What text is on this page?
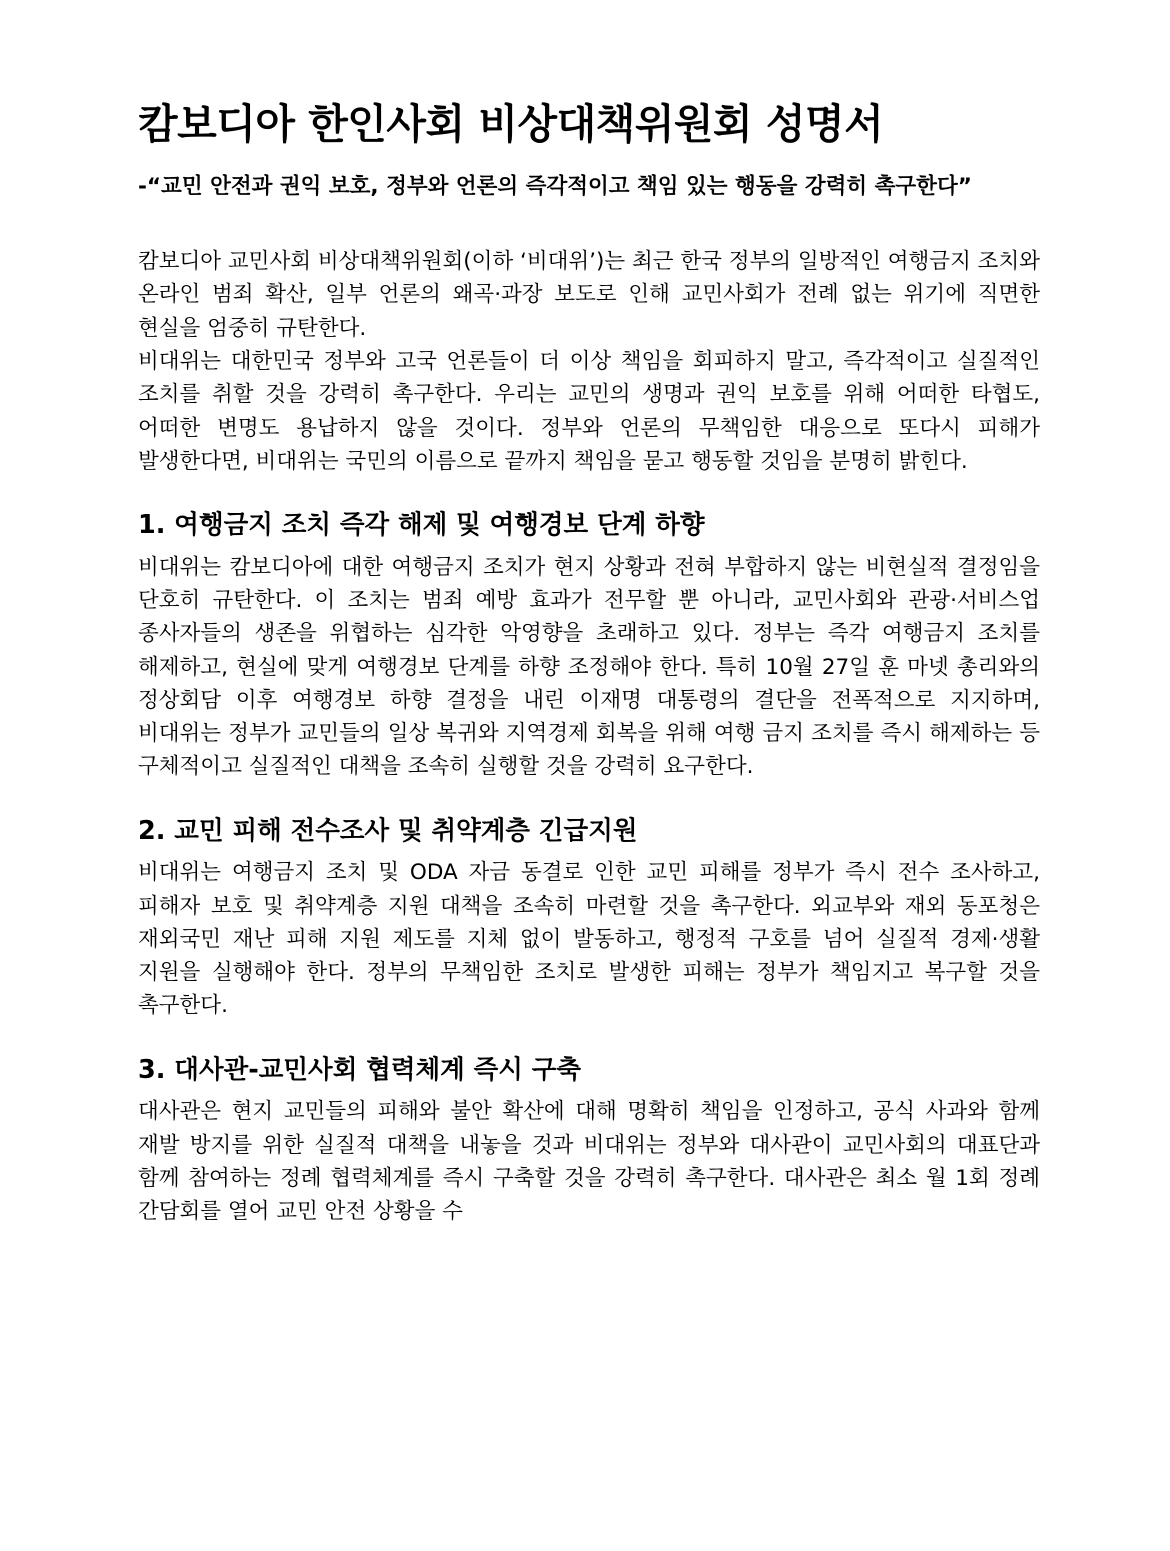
캄보디아 한인사회 비상대책위원회 성명서
-“교민 안전과 권익 보호, 정부와 언론의 즉각적이고 책임 있는 행동을 강력히 촉구한다”

캄보디아 교민사회 비상대책위원회(이하 ‘비대위’)는 최근 한국 정부의 일방적인 여행금지 조치와 온라인 범죄 확산, 일부 언론의 왜곡·과장 보도로 인해 교민사회가 전례 없는 위기에 직면한 현실을 엄중히 규탄한다.

비대위는 대한민국 정부와 고국 언론들이 더 이상 책임을 회피하지 말고, 즉각적이고 실질적인 조치를 취할 것을 강력히 촉구한다. 우리는 교민의 생명과 권익 보호를 위해 어떠한 타협도, 어떠한 변명도 용납하지 않을 것이다. 정부와 언론의 무책임한 대응으로 또다시 피해가 발생한다면, 비대위는 국민의 이름으로 끝까지 책임을 묻고 행동할 것임을 분명히 밝힌다.

1. 여행금지 조치 즉각 해제 및 여행경보 단계 하향

비대위는 캄보디아에 대한 여행금지 조치가 현지 상황과 전혀 부합하지 않는 비현실적 결정임을 단호히 규탄한다. 이 조치는 범죄 예방 효과가 전무할 뿐 아니라, 교민사회와 관광·서비스업 종사자들의 생존을 위협하는 심각한 악영향을 초래하고 있다. 정부는 즉각 여행금지 조치를 해제하고, 현실에 맞게 여행경보 단계를 하향 조정해야 한다. 특히 10월 27일 훈 마넷 총리와의 정상회담 이후 여행경보 하향 결정을 내린 이재명 대통령의 결단을 전폭적으로 지지하며, 비대위는 정부가 교민들의 일상 복귀와 지역경제 회복을 위해 여행 금지 조치를 즉시 해제하는 등 구체적이고 실질적인 대책을 조속히 실행할 것을 강력히 요구한다.

2. 교민 피해 전수조사 및 취약계층 긴급지원

비대위는 여행금지 조치 및 ODA 자금 동결로 인한 교민 피해를 정부가 즉시 전수 조사하고, 피해자 보호 및 취약계층 지원 대책을 조속히 마련할 것을 촉구한다. 외교부와 재외 동포청은 재외국민 재난 피해 지원 제도를 지체 없이 발동하고, 행정적 구호를 넘어 실질적 경제·생활 지원을 실행해야 한다. 정부의 무책임한 조치로 발생한 피해는 정부가 책임지고 복구할 것을 촉구한다.

3. 대사관-교민사회 협력체계 즉시 구축

대사관은 현지 교민들의 피해와 불안 확산에 대해 명확히 책임을 인정하고, 공식 사과와 함께 재발 방지를 위한 실질적 대책을 내놓을 것과 비대위는 정부와 대사관이 교민사회의 대표단과 함께 참여하는 정례 협력체계를 즉시 구축할 것을 강력히 촉구한다. 대사관은 최소 월 1회 정례 간담회를 열어 교민 안전 상황을 수
